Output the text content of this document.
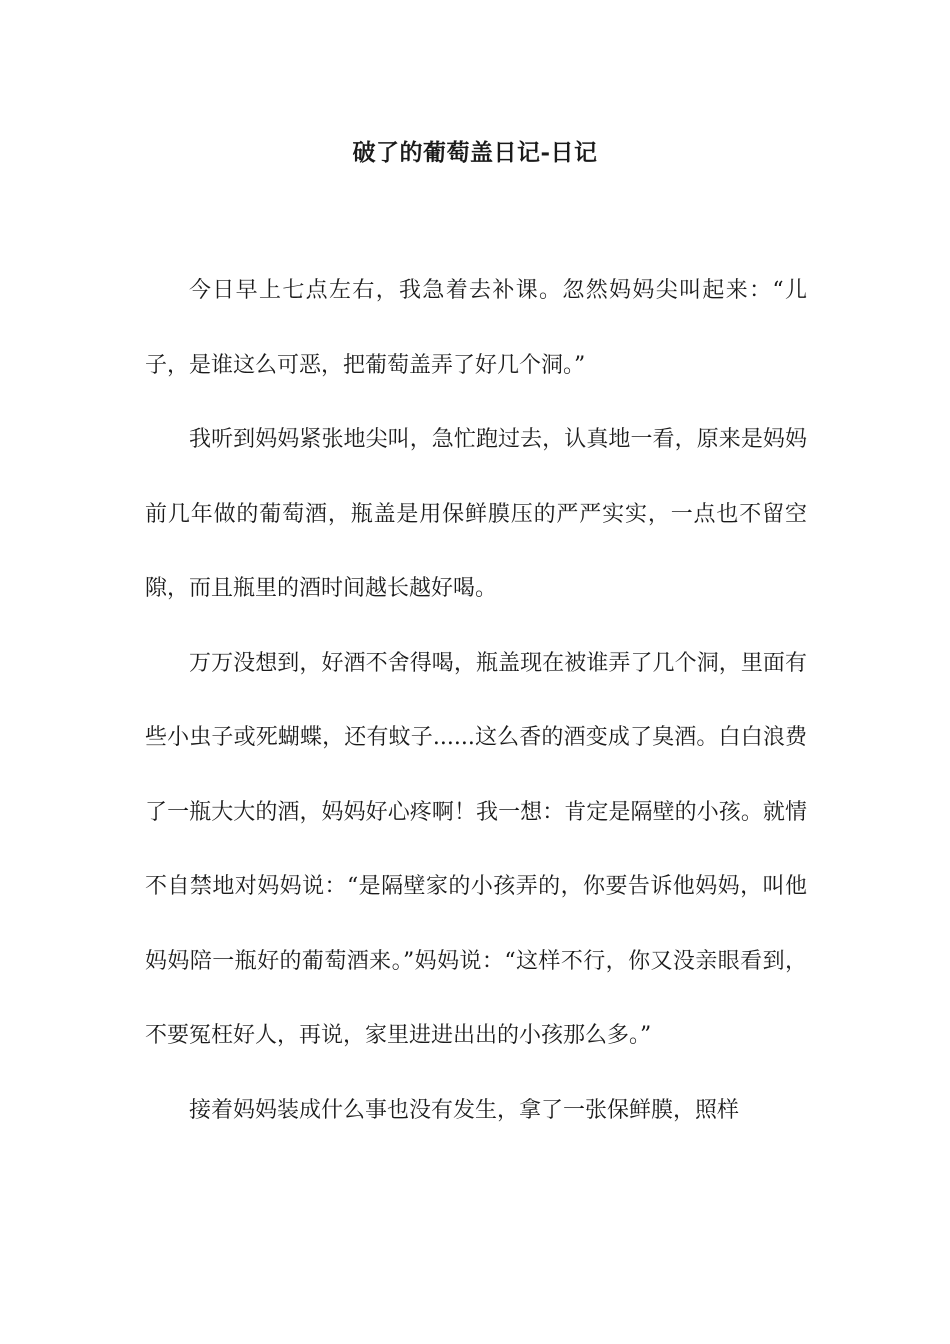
破了的葡萄盖日记-日记

今日早上七点左右，我急着去补课。忽然妈妈尖叫起来：“儿子，是谁这么可恶，把葡萄盖弄了好几个洞。”

我听到妈妈紧张地尖叫，急忙跑过去，认真地一看，原来是妈妈前几年做的葡萄酒，瓶盖是用保鲜膜压的严严实实，一点也不留空隙，而且瓶里的酒时间越长越好喝。

万万没想到，好酒不舍得喝，瓶盖现在被谁弄了几个洞，里面有些小虫子或死蝴蝶，还有蚊子......这么香的酒变成了臭酒。白白浪费了一瓶大大的酒，妈妈好心疼啊！我一想：肯定是隔壁的小孩。就情不自禁地对妈妈说：“是隔壁家的小孩弄的，你要告诉他妈妈，叫他妈妈陪一瓶好的葡萄酒来。”妈妈说：“这样不行，你又没亲眼看到，不要冤枉好人，再说，家里进进出出的小孩那么多。”

接着妈妈装成什么事也没有发生，拿了一张保鲜膜，照样
